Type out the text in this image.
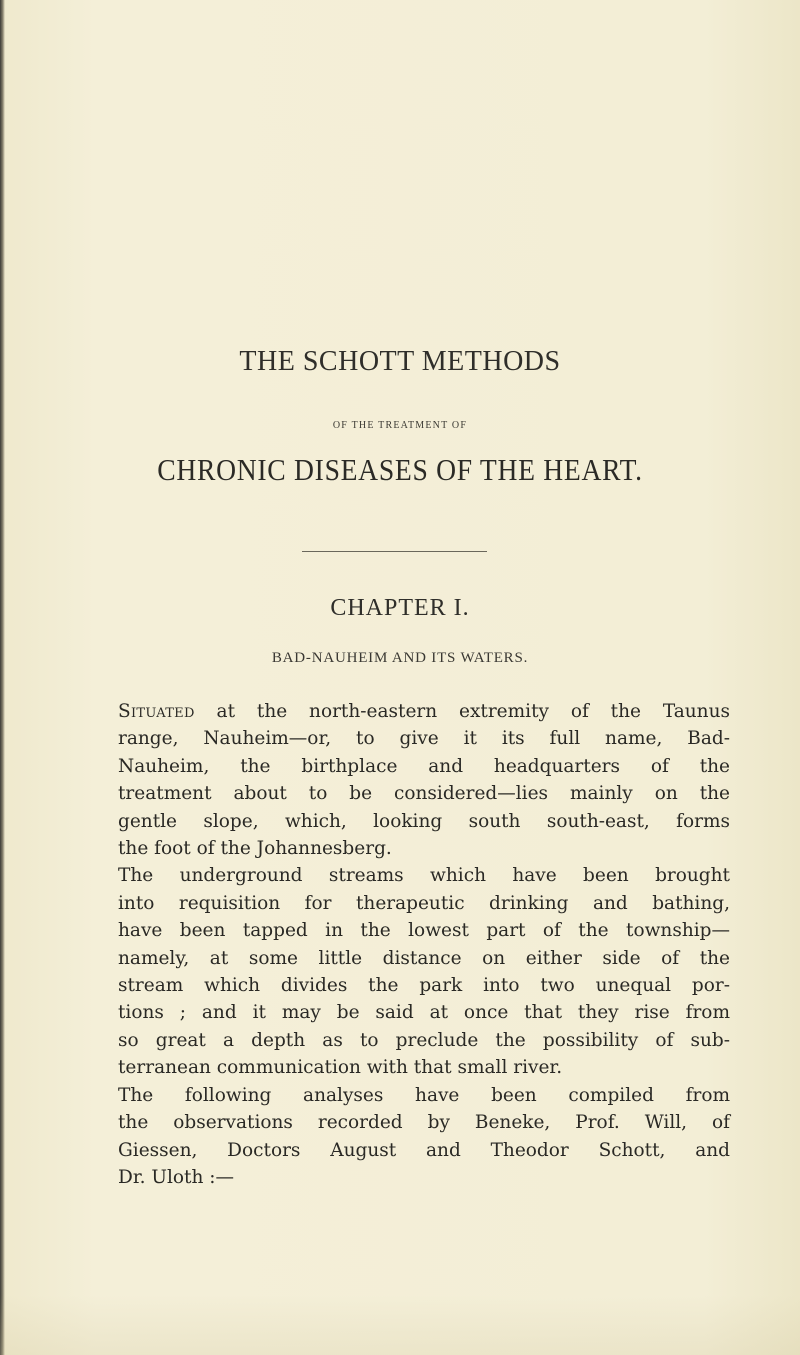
THE SCHOTT METHODS
OF THE TREATMENT OF
CHRONIC DISEASES OF THE HEART.
CHAPTER I.
BAD-NAUHEIM AND ITS WATERS.
Situated at the north-eastern extremity of the Taunus
range, Nauheim—or, to give it its full name, Bad-
Nauheim, the birthplace and headquarters of the
treatment about to be considered—lies mainly on the
gentle slope, which, looking south south-east, forms
the foot of the Johannesberg.
The underground streams which have been brought
into requisition for therapeutic drinking and bathing,
have been tapped in the lowest part of the township—
namely, at some little distance on either side of the
stream which divides the park into two unequal por-
tions ; and it may be said at once that they rise from
so great a depth as to preclude the possibility of sub-
terranean communication with that small river.
The following analyses have been compiled from
the observations recorded by Beneke, Prof. Will, of
Giessen, Doctors August and Theodor Schott, and
Dr. Uloth :—
